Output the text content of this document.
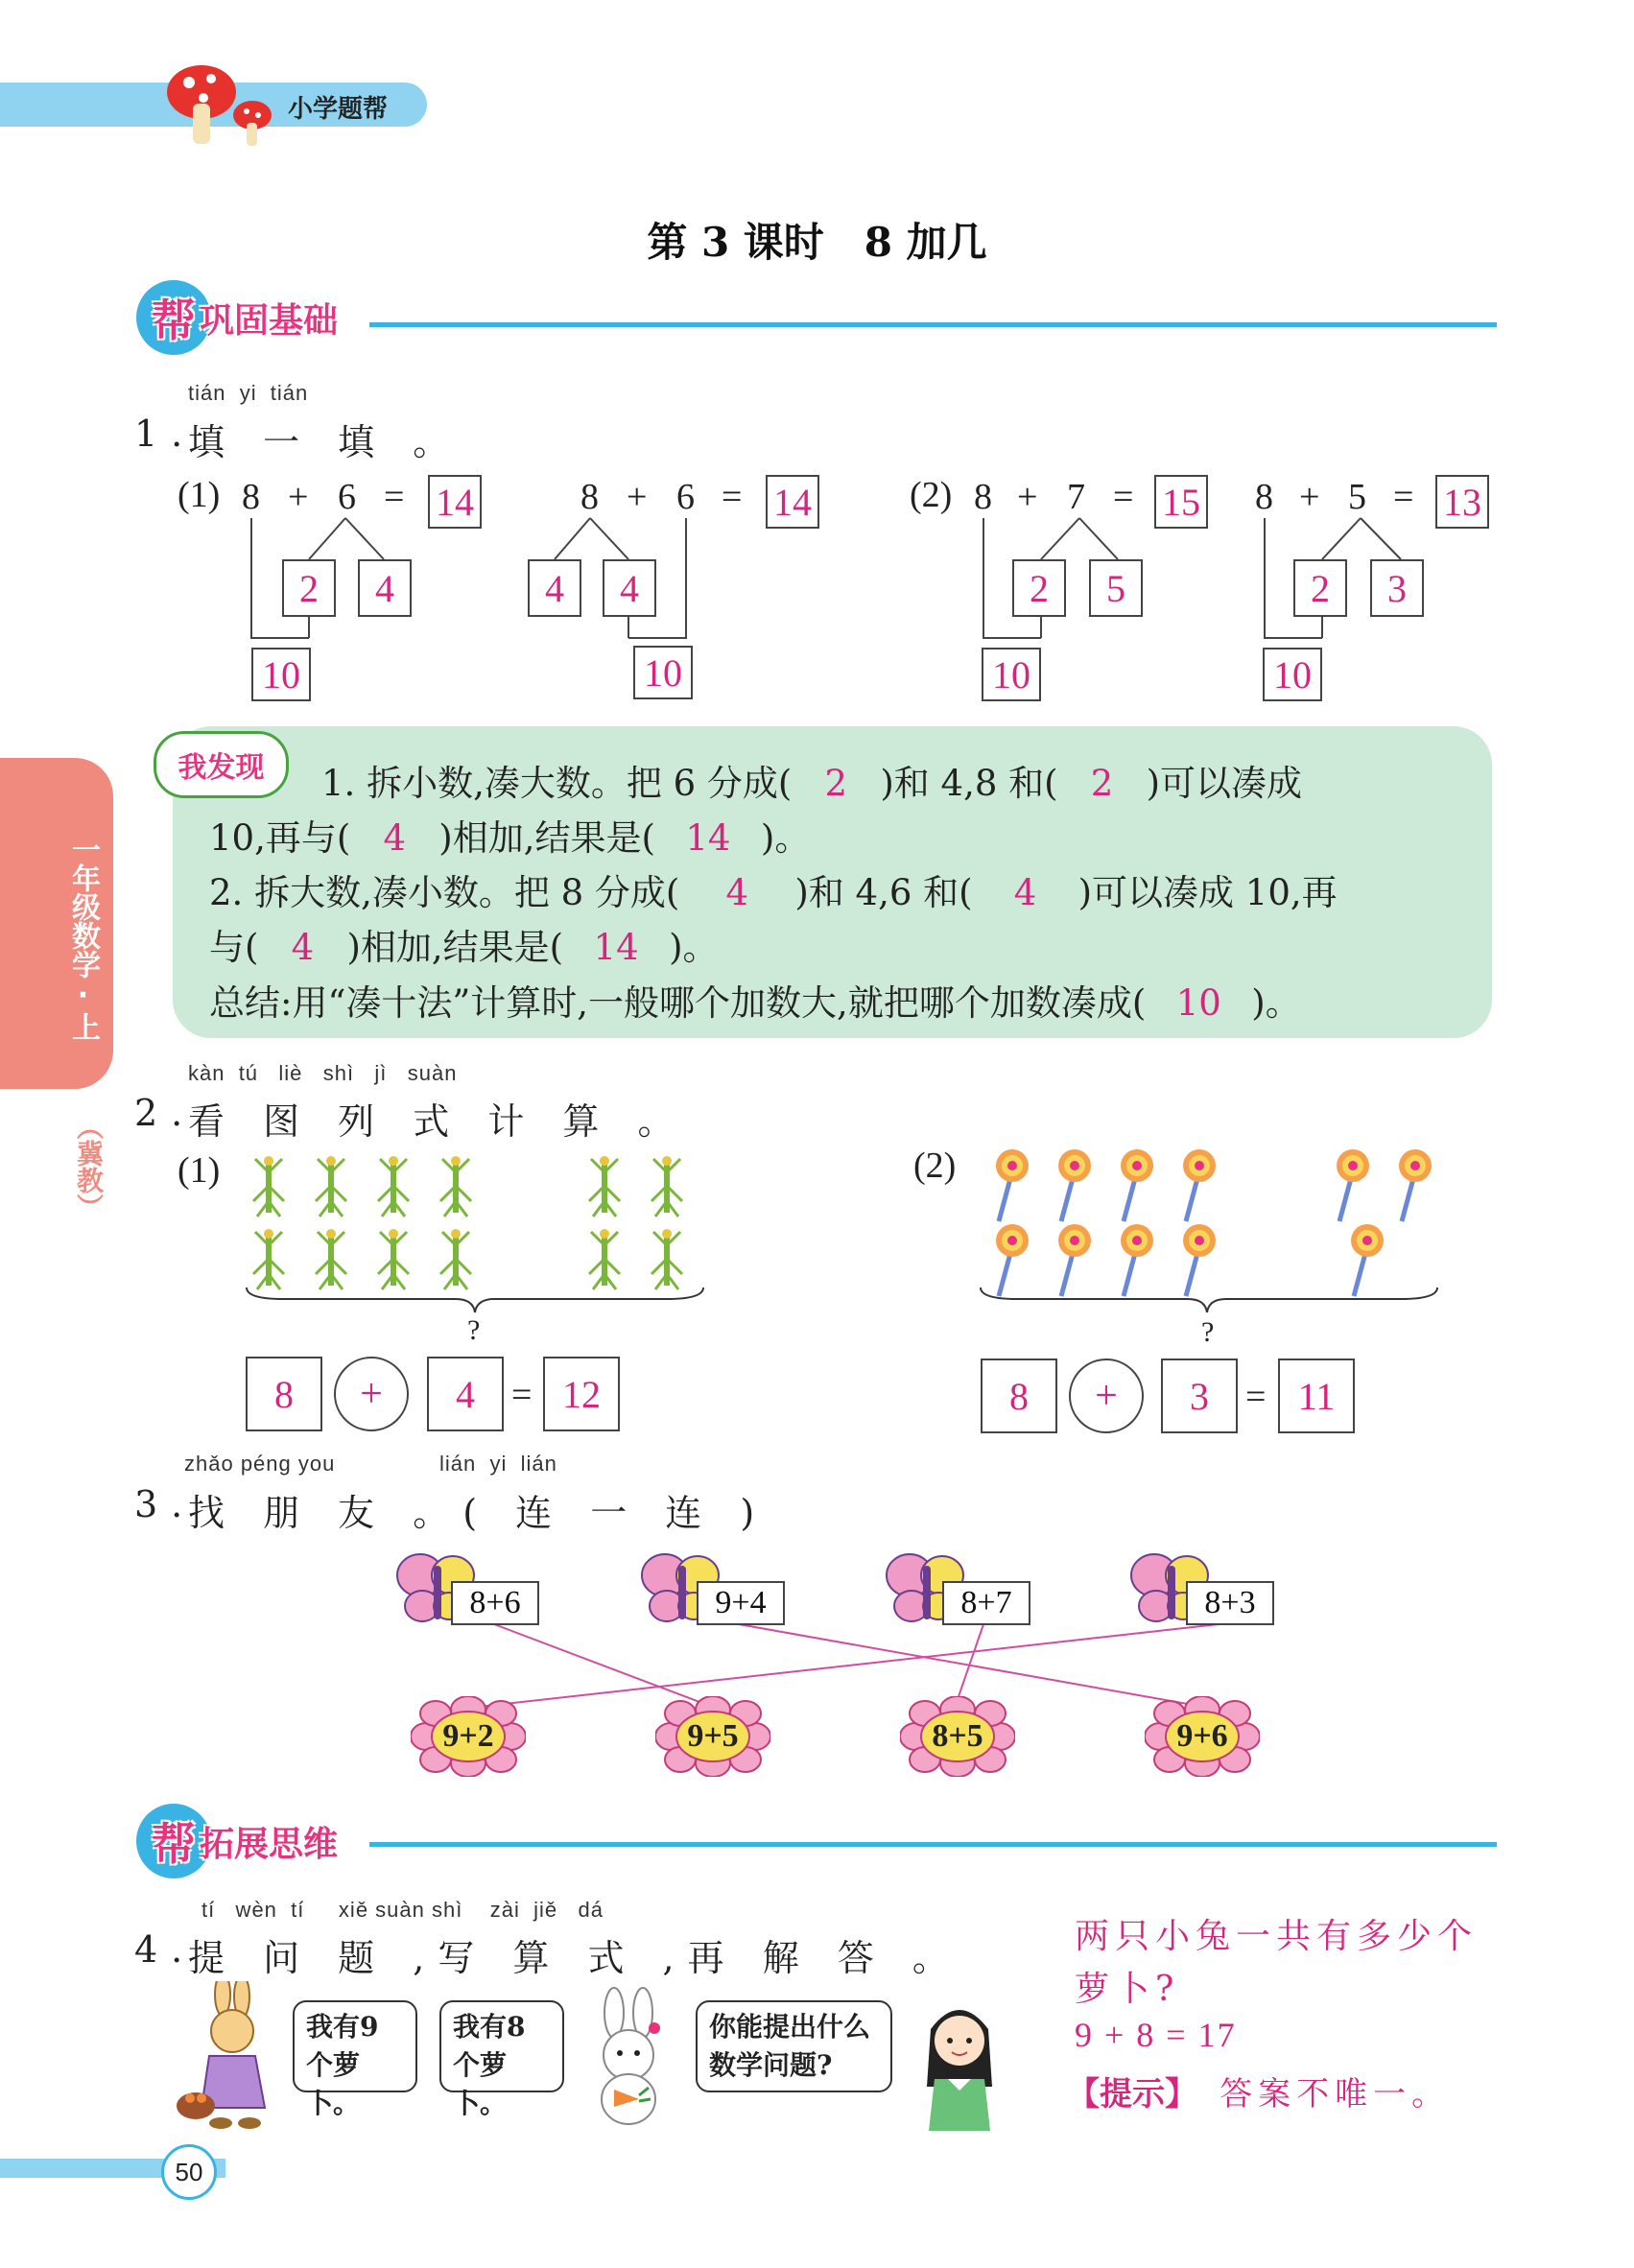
小学题帮
第 3 课时　8 加几
帮 巩固基础
一年级数学·上
（冀教）
tián  yi  tián
1.
填 一 填 。
(1)	(2)
8 + 6 = 14
2	4
10
8 + 6 = 14
4	4
10
8 + 7 = 15
2	5
10
8 + 5 = 13
2	3
10
我发现 1. 拆小数,凑大数。把 6 分成( 2 )和 4,8 和( 2 )可以凑成
10,再与( 4 )相加,结果是( 14 )。
2. 拆大数,凑小数。把 8 分成( 4 )和 4,6 和( 4 )可以凑成 10,再
与( 4 )相加,结果是( 14 )。
总结:用“凑十法”计算时,一般哪个加数大,就把哪个加数凑成( 10 )。
kàn  tú   liè   shì   jì   suàn
2.
看 图 列 式 计 算 。
(1)	(2)
?
8	+	4	= 12
?
8	+	3	= 11
zhǎo péng you	lián  yi  lián
3.
找 朋 友 。( 连 一 连 )
8+6	9+4	8+7	8+3
9+2	9+5	8+5	9+6
帮 拓展思维
tí   wèn  tí     xiě suàn shì    zài  jiě   dá
4.
提 问 题 ,写 算 式 ,再 解 答 。
我有9个萝卜。
我有8个萝卜。
你能提出什么数学问题?
两只小兔一共有多少个
萝卜?
9 + 8 = 17
【提示】 答案不唯一。
50
